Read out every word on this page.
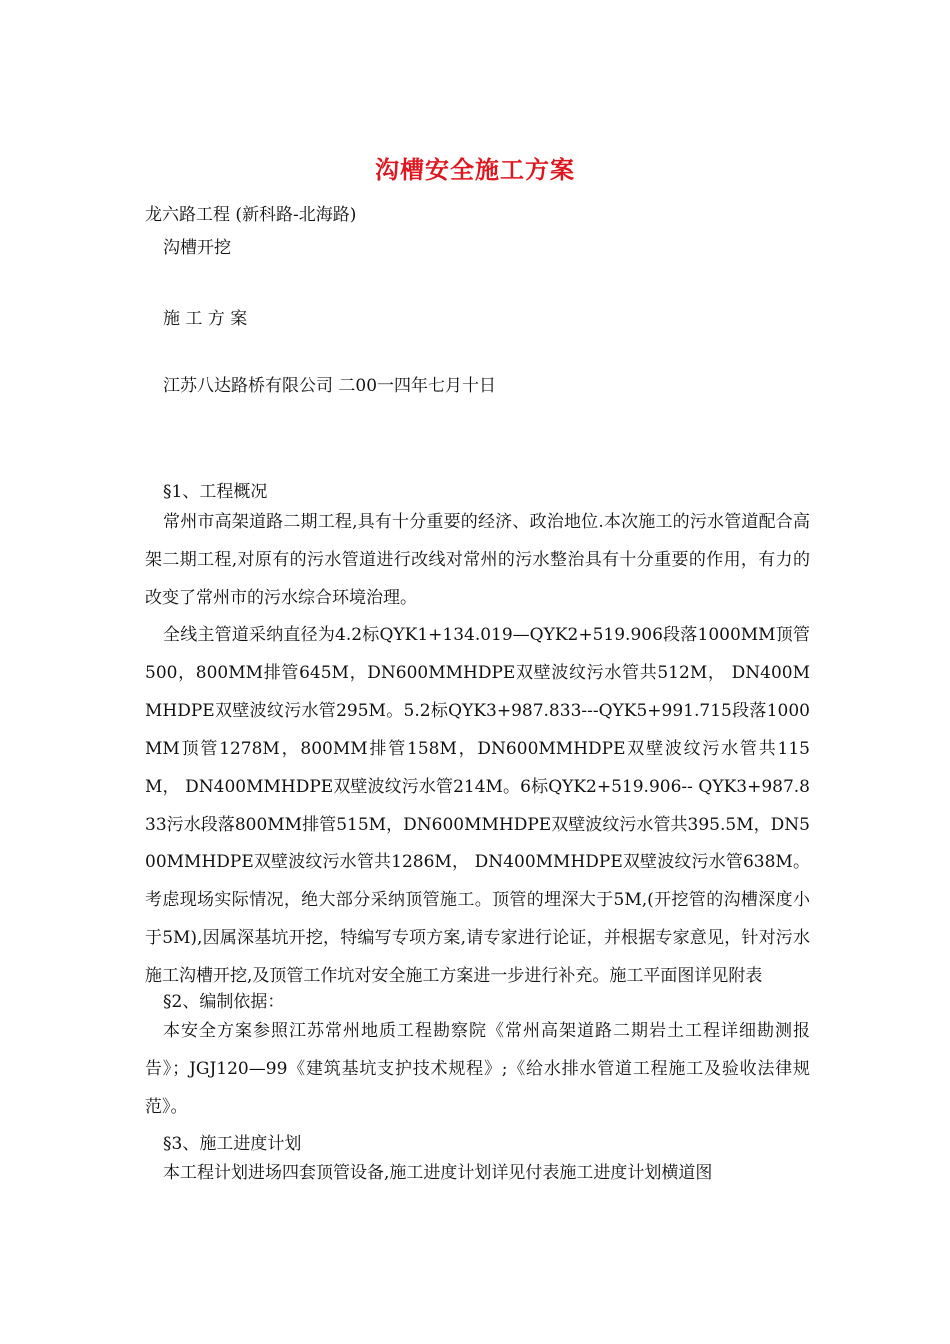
沟槽安全施工方案
龙六路工程 (新科路-北海路)
沟槽开挖
施 工 方 案
江苏八达路桥有限公司 二00一四年七月十日
§1、工程概况
常州市高架道路二期工程,具有十分重要的经济、政治地位.本次施工的污水管道配合高架二期工程,对原有的污水管道进行改线对常州的污水整治具有十分重要的作用，有力的改变了常州市的污水综合环境治理。
全线主管道采纳直径为4.2标QYK1+134.019—QYK2+519.906段落1000MM顶管500，800MM排管645M，DN600MMHDPE双壁波纹污水管共512M， DN400MMHDPE双壁波纹污水管295M。5.2标QYK3+987.833---QYK5+991.715段落1000MM顶管1278M，800MM排管158M，DN600MMHDPE双壁波纹污水管共115M， DN400MMHDPE双壁波纹污水管214M。6标QYK2+519.906-- QYK3+987.833污水段落800MM排管515M，DN600MMHDPE双壁波纹污水管共395.5M，DN500MMHDPE双壁波纹污水管共1286M， DN400MMHDPE双壁波纹污水管638M。考虑现场实际情况，绝大部分采纳顶管施工。顶管的埋深大于5M,(开挖管的沟槽深度小于5M),因属深基坑开挖，特编写专项方案,请专家进行论证，并根据专家意见，针对污水施工沟槽开挖,及顶管工作坑对安全施工方案进一步进行补充。施工平面图详见附表
§2、编制依据：
本安全方案参照江苏常州地质工程勘察院《常州高架道路二期岩土工程详细勘测报告》；JGJ120—99《建筑基坑支护技术规程》;《给水排水管道工程施工及验收法律规范》。
§3、施工进度计划
本工程计划进场四套顶管设备,施工进度计划详见付表施工进度计划横道图
